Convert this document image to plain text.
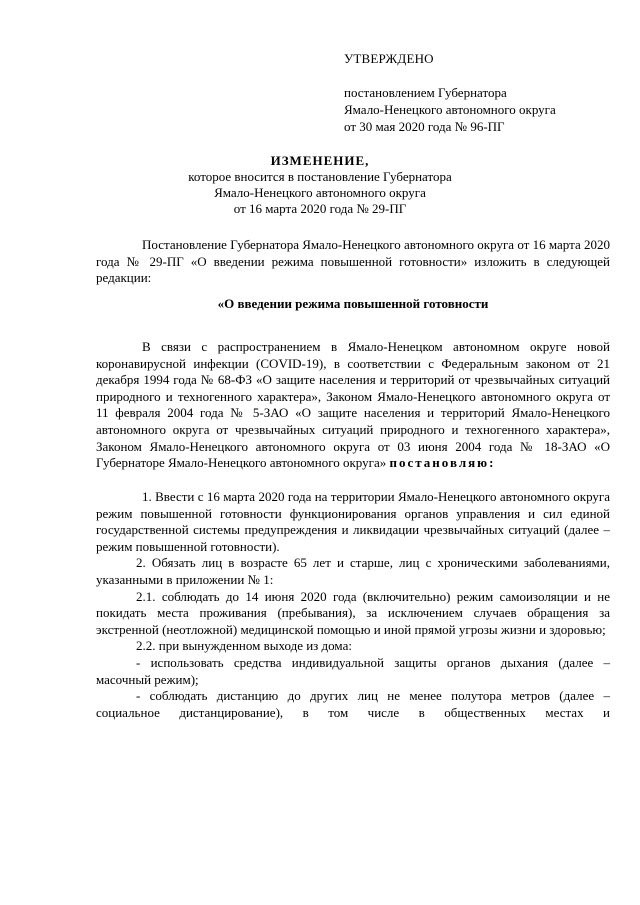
УТВЕРЖДЕНО
постановлением Губернатора
Ямало-Ненецкого автономного округа
от 30 мая 2020 года № 96-ПГ
ИЗМЕНЕНИЕ,
которое вносится в постановление Губернатора
Ямало-Ненецкого автономного округа
от 16 марта 2020 года № 29-ПГ

Постановление Губернатора Ямало-Ненецкого автономного округа от 16 марта 2020 года № 29-ПГ «О введении режима повышенной готовности» изложить в следующей редакции:

«О введении режима повышенной готовности

В связи с распространением в Ямало-Ненецком автономном округе новой коронавирусной инфекции (COVID-19), в соответствии с Федеральным законом от 21 декабря 1994 года № 68-ФЗ «О защите населения и территорий от чрезвычайных ситуаций природного и техногенного характера», Законом Ямало-Ненецкого автономного округа от 11 февраля 2004 года № 5-ЗАО «О защите населения и территорий Ямало-Ненецкого автономного округа от чрезвычайных ситуаций природного и техногенного характера», Законом Ямало-Ненецкого автономного округа от 03 июня 2004 года № 18-ЗАО «О Губернаторе Ямало-Ненецкого автономного округа» постановляю:

1. Ввести с 16 марта 2020 года на территории Ямало-Ненецкого автономного округа режим повышенной готовности функционирования органов управления и сил единой государственной системы предупреждения и ликвидации чрезвычайных ситуаций (далее – режим повышенной готовности).

2. Обязать лиц в возрасте 65 лет и старше, лиц с хроническими заболеваниями, указанными в приложении № 1:

2.1. соблюдать до 14 июня 2020 года (включительно) режим самоизоляции и не покидать места проживания (пребывания), за исключением случаев обращения за экстренной (неотложной) медицинской помощью и иной прямой угрозы жизни и здоровью;

2.2. при вынужденном выходе из дома:

- использовать средства индивидуальной защиты органов дыхания (далее – масочный режим);

- соблюдать дистанцию до других лиц не менее полутора метров (далее – социальное дистанцирование), в том числе в общественных местах и
